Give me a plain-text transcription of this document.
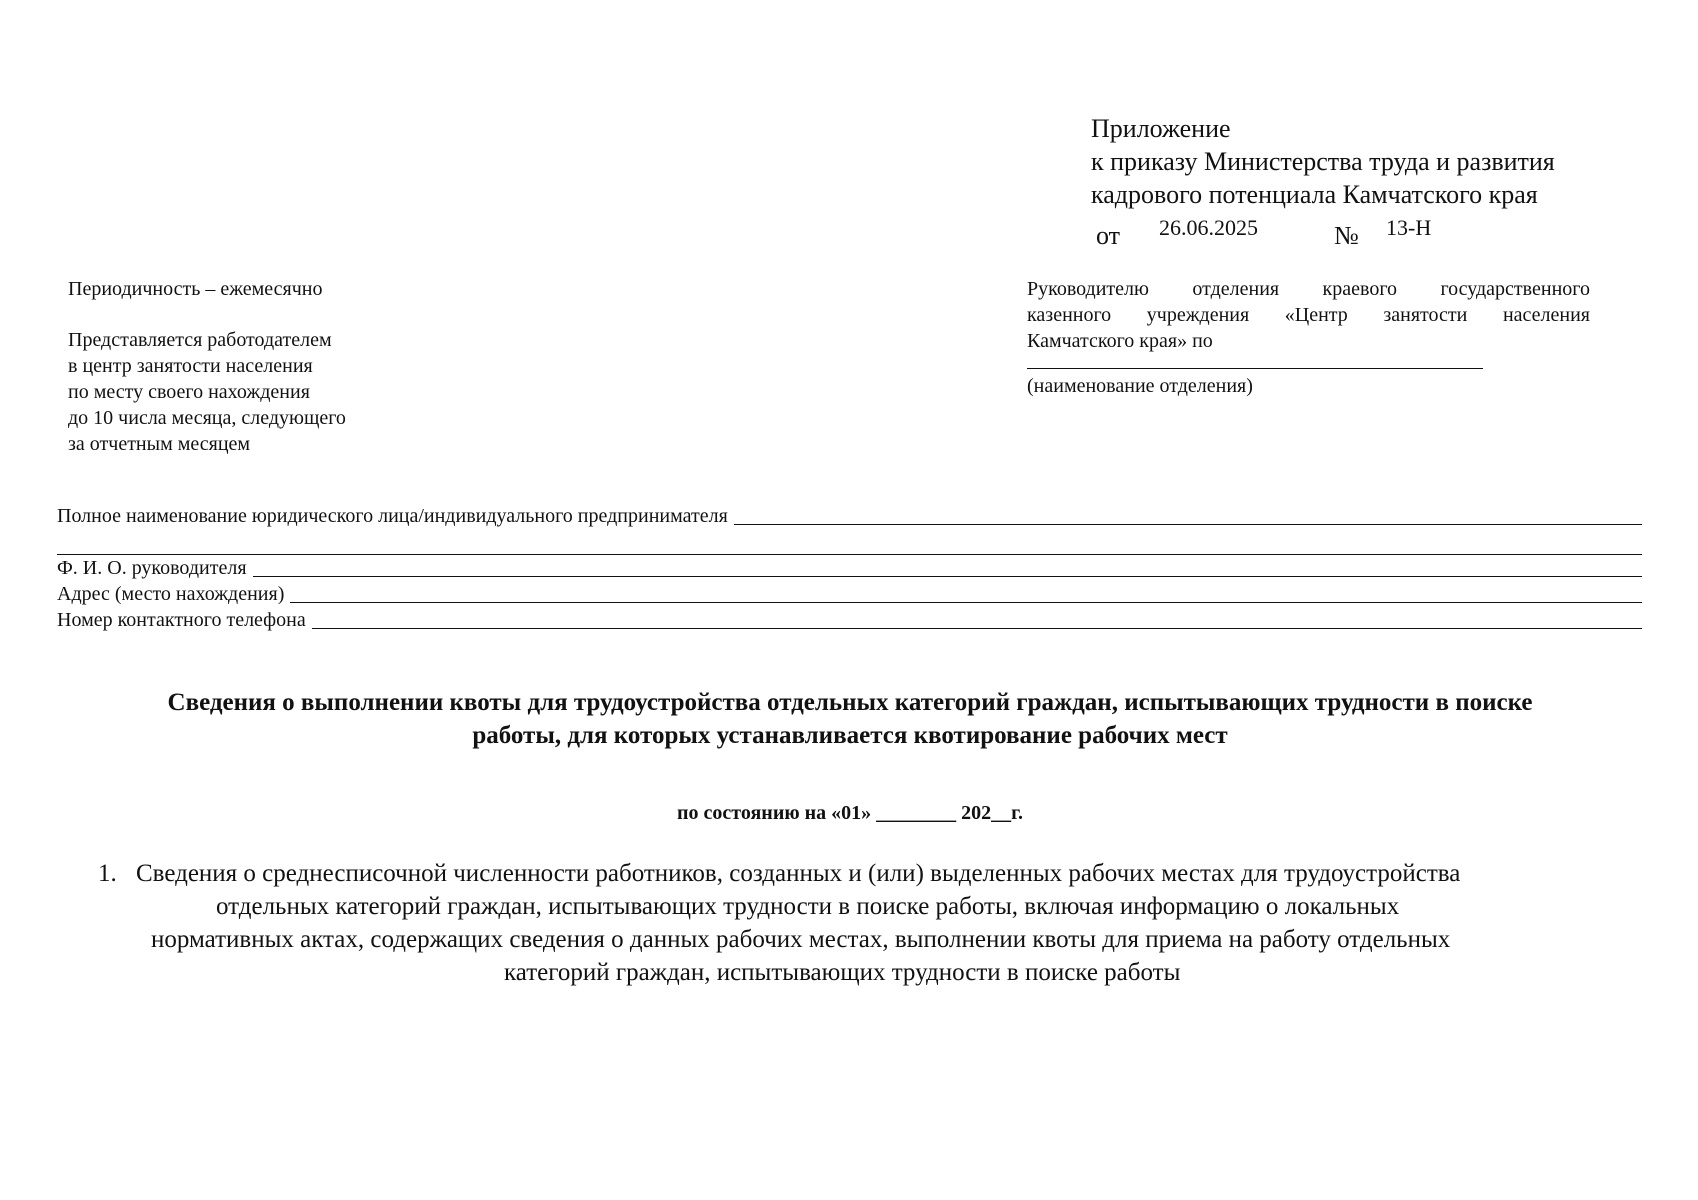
Приложение
к приказу Министерства труда и развития
кадрового потенциала Камчатского края
от 26.06.2025	№ 13-Н
Периодичность – ежемесячно
Представляется работодателем
в центр занятости населения
по месту своего нахождения
до 10 числа месяца, следующего
за отчетным месяцем
Руководителю отделения краевого государственного
казенного учреждения «Центр занятости населения
Камчатского края» по
(наименование отделения)
Полное наименование юридического лица/индивидуального предпринимателя
Ф. И. О. руководителя
Адрес (место нахождения)
Номер контактного телефона
Сведения о выполнении квоты для трудоустройства отдельных категорий граждан, испытывающих трудности в поиске
работы, для которых устанавливается квотирование рабочих мест
по состоянию на «01» ________ 202__г.
1. Сведения о среднесписочной численности работников, созданных и (или) выделенных рабочих местах для трудоустройства
отдельных категорий граждан, испытывающих трудности в поиске работы, включая информацию о локальных
нормативных актах, содержащих сведения о данных рабочих местах, выполнении квоты для приема на работу отдельных
категорий граждан, испытывающих трудности в поиске работы
